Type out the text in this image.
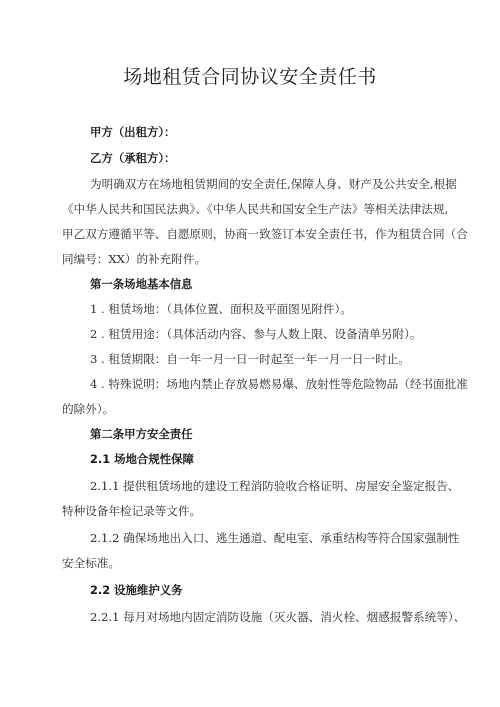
场地租赁合同协议安全责任书
甲方（出租方）：
乙方（承租方）：
为明确双方在场地租赁期间的安全责任,保障人身、财产及公共安全,根据
《中华人民共和国民法典》、《中华人民共和国安全生产法》等相关法律法规,
甲乙双方遵循平等、自愿原则，协商一致签订本安全责任书，作为租赁合同（合
同编号：XX）的补充附件。
第一条场地基本信息
1 . 租赁场地：（具体位置、面积及平面图见附件）。
2 . 租赁用途：（具体活动内容、参与人数上限、设备清单另附）。
3 . 租赁期限：自一年一月一日一时起至一年一月一日一时止。
4 . 特殊说明：场地内禁止存放易燃易爆、放射性等危险物品（经书面批准
的除外）。
第二条甲方安全责任
2.1 场地合规性保障
2.1.1 提供租赁场地的建设工程消防验收合格证明、房屋安全鉴定报告、
特种设备年检记录等文件。
2.1.2 确保场地出入口、逃生通道、配电室、承重结构等符合国家强制性
安全标准。
2.2 设施维护义务
2.2.1 每月对场地内固定消防设施（灭火器、消火栓、烟感报警系统等）、
